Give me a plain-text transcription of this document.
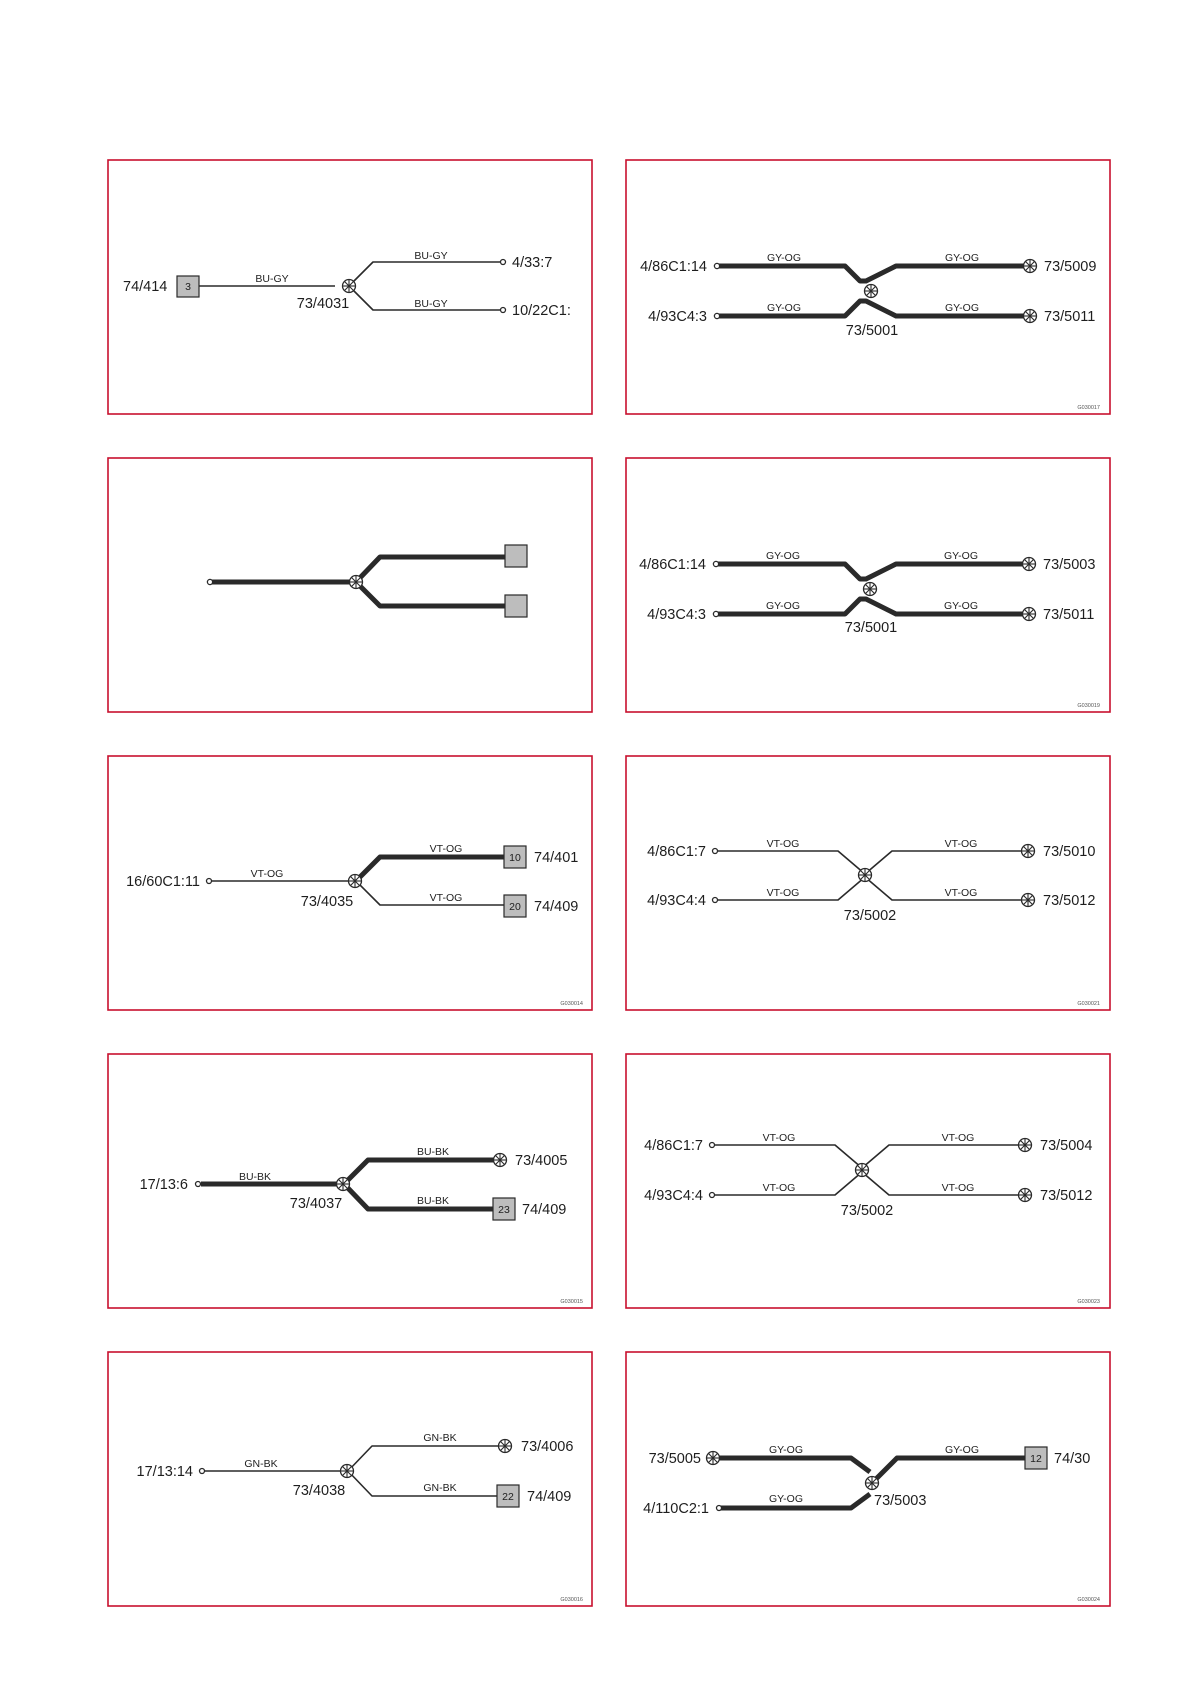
74/414 3
BU-GY
73/4031
BU-GY
BU-GY
4/33:7
10/22C1:
4/86C1:14
4/93C4:3
GY-OG
GY-OG
GY-OG
GY-OG
73/5001
73/5009
73/5011
G030017
4/86C1:14
4/93C4:3
GY-OG
GY-OG
GY-OG
GY-OG
73/5001
73/5003
73/5011
G030019
16/60C1:11	VT-OG
73/4035
VT-OG
VT-OG
10
20
74/401
74/409
G030014
4/86C1:7
4/93C4:4
VT-OG
VT-OG
VT-OG
VT-OG
73/5002
73/5010
73/5012
G030021
17/13:6	BU-BK
73/4037
BU-BK
BU-BK
23
73/4005
74/409
G030015
4/86C1:7
4/93C4:4
VT-OG
VT-OG
VT-OG
VT-OG
73/5002
73/5004
73/5012
G030023
17/13:14	GN-BK
73/4038
GN-BK
GN-BK
22
73/4006
74/409
G030016
12
73/5005
4/110C2:1
GY-OG
GY-OG
GY-OG
73/5003
74/30
G030024
